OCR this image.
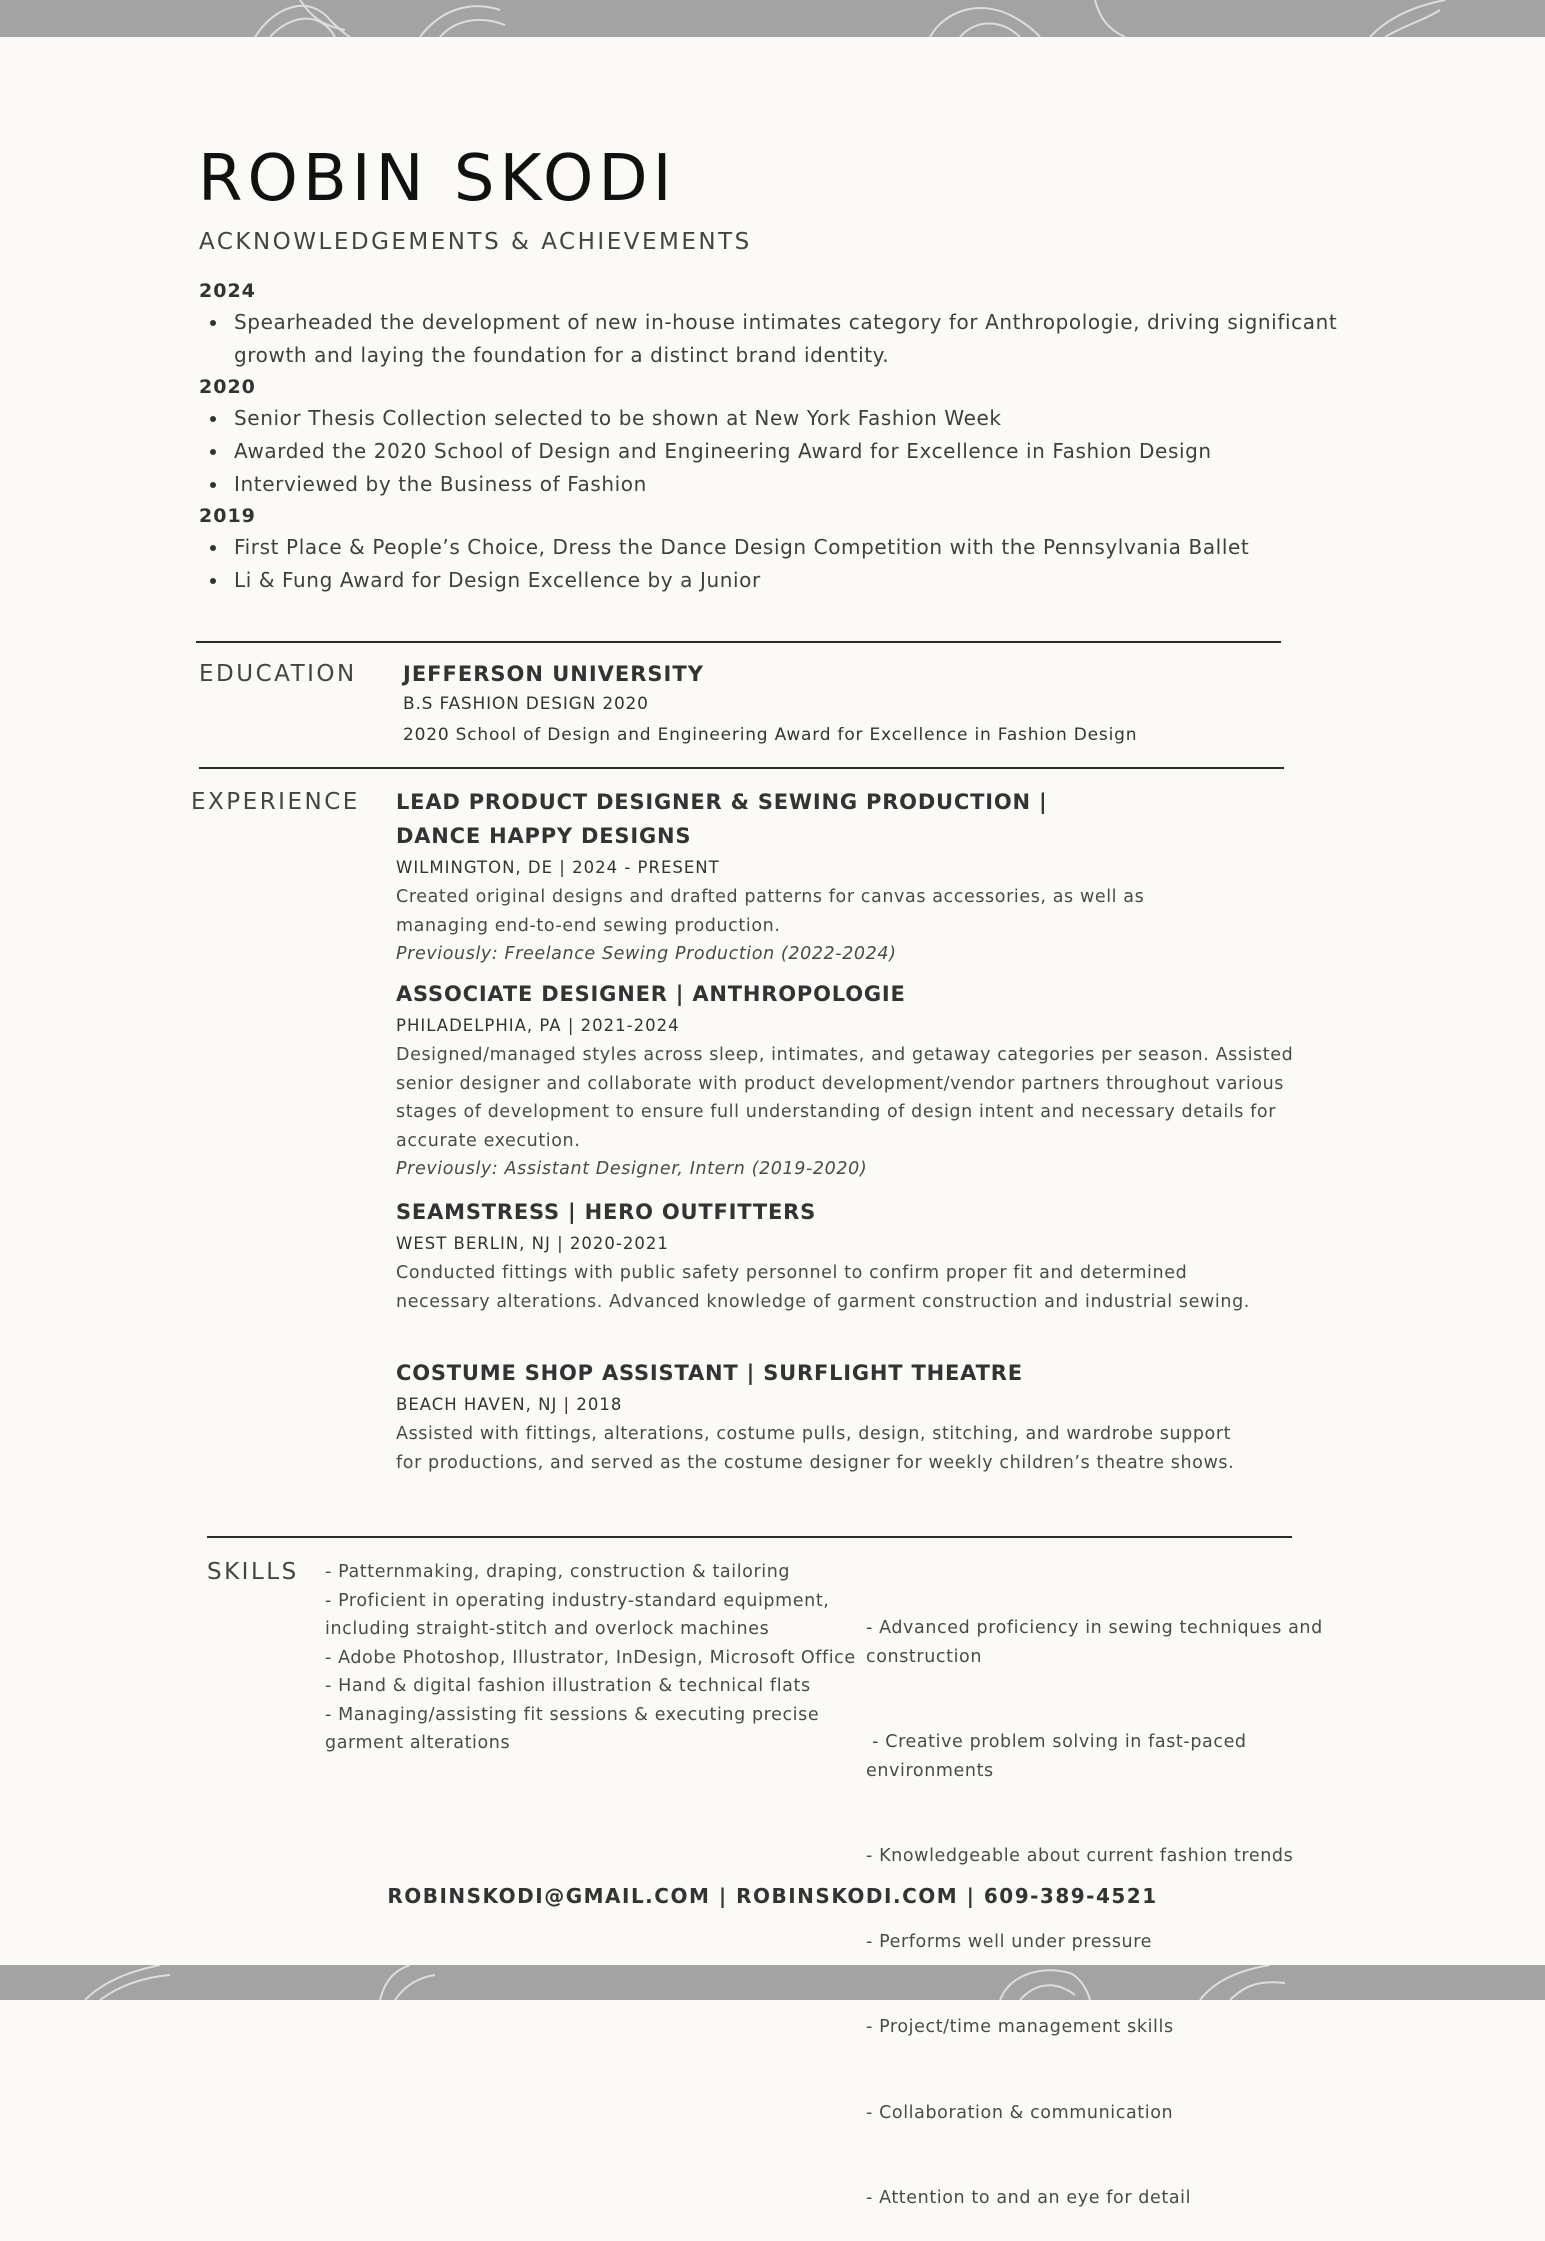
ROBIN SKODI
ACKNOWLEDGEMENTS & ACHIEVEMENTS
2024
Spearheaded the development of new in-house intimates category for Anthropologie, driving significant growth and laying the foundation for a distinct brand identity.
2020
Senior Thesis Collection selected to be shown at New York Fashion Week
Awarded the 2020 School of Design and Engineering Award for Excellence in Fashion Design
Interviewed by the Business of Fashion
2019
First Place & People’s Choice, Dress the Dance Design Competition with the Pennsylvania Ballet
Li & Fung Award for Design Excellence by a Junior
EDUCATION JEFFERSON UNIVERSITY
B.S FASHION DESIGN 2020
2020 School of Design and Engineering Award for Excellence in Fashion Design
EXPERIENCE LEAD PRODUCT DESIGNER & SEWING PRODUCTION |
DANCE HAPPY DESIGNS
WILMINGTON, DE | 2024 - PRESENT
Created original designs and drafted patterns for canvas accessories, as well as managing end-to-end sewing production.
Previously: Freelance Sewing Production (2022-2024)
ASSOCIATE DESIGNER | ANTHROPOLOGIE
PHILADELPHIA, PA | 2021-2024
Designed/managed styles across sleep, intimates, and getaway categories per season. Assisted senior designer and collaborate with product development/vendor partners throughout various stages of development to ensure full understanding of design intent and necessary details for accurate execution.
Previously: Assistant Designer, Intern (2019-2020)
SEAMSTRESS | HERO OUTFITTERS
WEST BERLIN, NJ | 2020-2021
Conducted fittings with public safety personnel to confirm proper fit and determined necessary alterations. Advanced knowledge of garment construction and industrial sewing.
COSTUME SHOP ASSISTANT | SURFLIGHT THEATRE
BEACH HAVEN, NJ | 2018
Assisted with fittings, alterations, costume pulls, design, stitching, and wardrobe support for productions, and served as the costume designer for weekly children’s theatre shows.
SKILLS - Patternmaking, draping, construction & tailoring
- Proficient in operating industry-standard equipment, including straight-stitch and overlock machines
- Adobe Photoshop, Illustrator, InDesign, Microsoft Office
- Hand & digital fashion illustration & technical flats
- Managing/assisting fit sessions & executing precise garment alterations

- Advanced proficiency in sewing techniques and construction

- Creative problem solving in fast-paced environments

- Knowledgeable about current fashion trends

- Performs well under pressure

- Project/time management skills

- Collaboration & communication

- Attention to and an eye for detail

ROBINSKODI@GMAIL.COM | ROBINSKODI.COM | 609-389-4521
